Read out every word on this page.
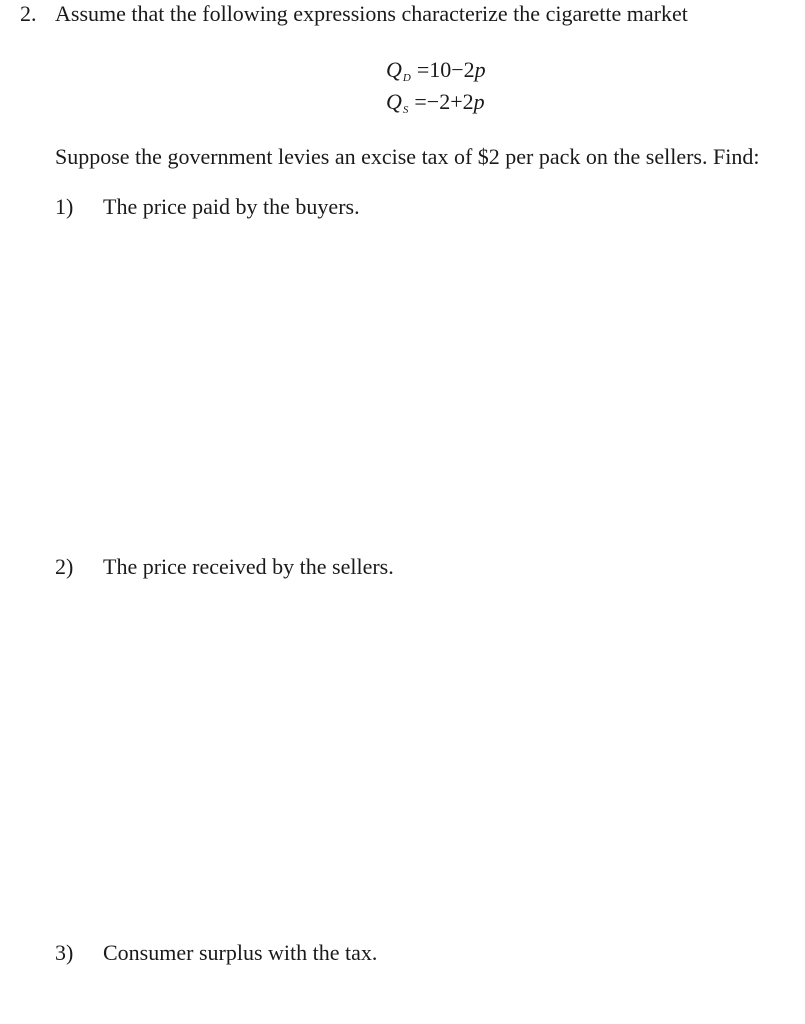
2. Assume that the following expressions characterize the cigarette market
QD =10−2p
QS =−2+2p
Suppose the government levies an excise tax of $2 per pack on the sellers. Find:
1) The price paid by the buyers.
2) The price received by the sellers.
3) Consumer surplus with the tax.
